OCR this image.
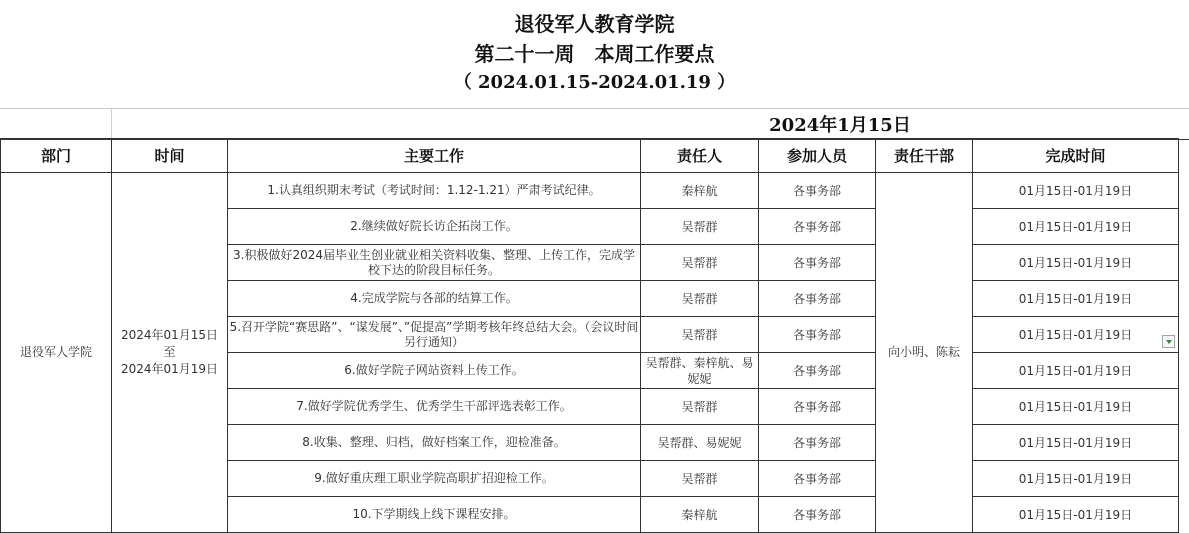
退役军人教育学院
第二十一周　本周工作要点
（ 2024.01.15-2024.01.19 ）
2024年1月15日
部门	时间	主要工作	责任人	参加人员	责任干部	完成时间
退役军人学院	2024年01月15日
至
2024年01月19日	1.认真组织期末考试（考试时间：1.12-1.21）严肃考试纪律。	秦梓航	各事务部	向小明、陈耘	01月15日-01月19日
		2.继续做好院长访企拓岗工作。	吴帮群	各事务部		01月15日-01月19日
		3.积极做好2024届毕业生创业就业相关资料收集、整理、上传工作，完成学校下达的阶段目标任务。	吴帮群	各事务部		01月15日-01月19日
		4.完成学院与各部的结算工作。	吴帮群	各事务部		01月15日-01月19日
		5.召开学院“赛思路”、“谋发展”、”促提高”学期考核年终总结大会。（会议时间另行通知）	吴帮群	各事务部		01月15日-01月19日
		6.做好学院子网站资料上传工作。	吴帮群、秦梓航、易妮妮	各事务部		01月15日-01月19日
		7.做好学院优秀学生、优秀学生干部评选表彰工作。	吴帮群	各事务部		01月15日-01月19日
		8.收集、整理、归档，做好档案工作，迎检准备。	吴帮群、易妮妮	各事务部		01月15日-01月19日
		9.做好重庆理工职业学院高职扩招迎检工作。	吴帮群	各事务部		01月15日-01月19日
		10.下学期线上线下课程安排。	秦梓航	各事务部		01月15日-01月19日
